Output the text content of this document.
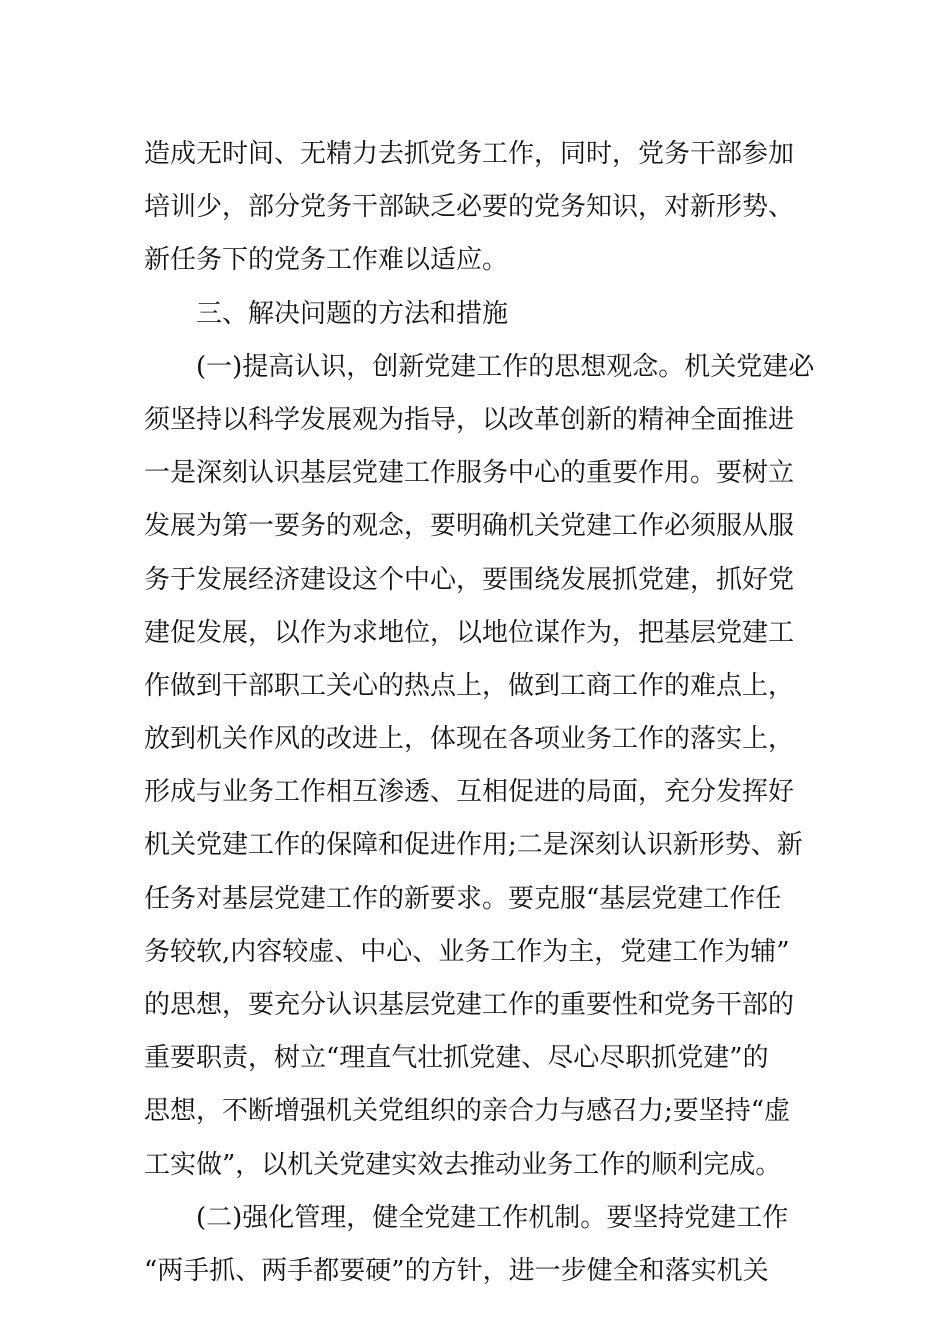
造成无时间、无精力去抓党务工作，同时，党务干部参加
培训少，部分党务干部缺乏必要的党务知识，对新形势、
新任务下的党务工作难以适应。
三、解决问题的方法和措施
(一)提高认识，创新党建工作的思想观念。机关党建必
须坚持以科学发展观为指导，以改革创新的精神全面推进
一是深刻认识基层党建工作服务中心的重要作用。要树立
发展为第一要务的观念，要明确机关党建工作必须服从服
务于发展经济建设这个中心，要围绕发展抓党建，抓好党
建促发展，以作为求地位，以地位谋作为，把基层党建工
作做到干部职工关心的热点上，做到工商工作的难点上，
放到机关作风的改进上，体现在各项业务工作的落实上，
形成与业务工作相互渗透、互相促进的局面，充分发挥好
机关党建工作的保障和促进作用;二是深刻认识新形势、新
任务对基层党建工作的新要求。要克服“基层党建工作任
务较软,内容较虚、中心、业务工作为主，党建工作为辅”
的思想，要充分认识基层党建工作的重要性和党务干部的
重要职责，树立“理直气壮抓党建、尽心尽职抓党建”的
思想，不断增强机关党组织的亲合力与感召力;要坚持“虚
工实做”，以机关党建实效去推动业务工作的顺利完成。
(二)强化管理，健全党建工作机制。要坚持党建工作
“两手抓、两手都要硬”的方针，进一步健全和落实机关
